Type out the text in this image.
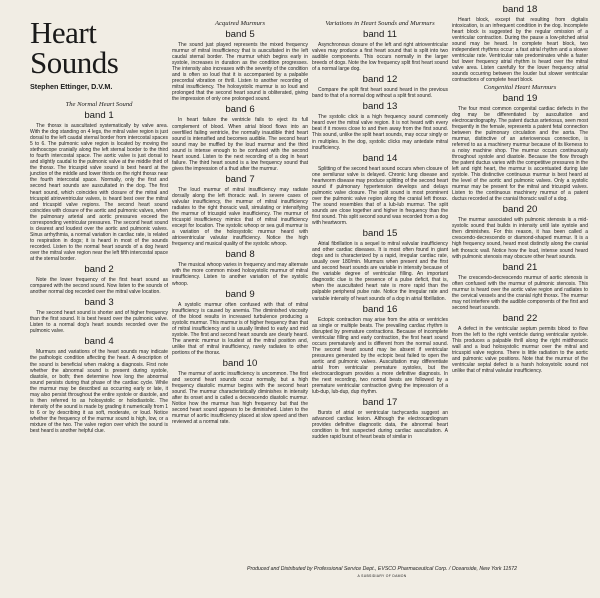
Heart
Sounds
Stephen Ettinger, D.V.M.
The Normal Heart Sound
band 1

The thorax is auscultated systematically by valve area. With the dog standing on 4 legs, the mitral valve region is just dorsal to the left caudal sternal border from intercostal spaces 5 to 6. The pulmonic valve region is located by moving the stethoscope cranially along the left sternal border to the third to fourth intercostal space. The aortic valve is just dorsal to and slightly caudal to the pulmonic valve at the middle third of the thorax. The tricuspid valve sound is best heard at the junction of the middle and lower thirds on the right thorax near the fourth intercostal space. Normally, only the first and second heart sounds are auscultated in the dog. The first heart sound, which coincides with closure of the mitral and tricuspid atrioventricular valves, is heard best over the mitral and tricuspid valve regions. The second heart sound coincides with closure of the aortic and pulmonic valves, when the pulmonary arterial and aortic pressures exceed the corresponding ventricular pressures. The second heart sound is clearest and loudest over the aortic and pulmonic valves. Sinus arrhythmia, a normal variation in cardiac rate, is related to respiration in dogs; it is heard in most of the sounds recorded. Listen to the normal heart sounds of a dog heard over the mitral valve region near the left fifth intercostal space at the sternal border.

band 2

Note the lower frequency of the first heart sound as compared with the second sound. Now listen to the sounds of another normal dog recorded over the mitral valve location.

band 3

The second heart sound is shorter and of higher frequency than the first sound. It is best heard over the pulmonic valve. Listen to a normal dog's heart sounds recorded over the pulmonic valve.

band 4

Murmurs and variations of the heart sounds may indicate the pathologic condition affecting the heart. A description of the sound is beneficial when making a diagnosis. First note whether the abnormal sound is present during systole, diastole, or both; then determine how long the abnormal sound persists during that phase of the cardiac cycle. While the murmur may be described as occurring early or late, it may also persist throughout the entire systole or diastole, and is then referred to as holosystolic or holodiastolic. The intensity of the sound is made by grading it numerically from 1 to 6 or by describing it as soft, moderate, or loud. Notice whether the frequency of the murmur sound is high, low, or a mixture of the two. The valve region over which the sound is best heard is another helpful clue.

Acquired Murmurs
band 5

The sound just played represents the mixed frequency murmur of mitral insufficiency that is auscultated in the left caudal sternal border. The murmur which begins early in systole, increases in duration as the condition progresses. The intensity also increases with the severity of the condition and is often so loud that it is accompanied by a palpable precordial vibration or thrill. Listen to another recording of mitral insufficiency. The holosystolic murmur is so loud and prolonged that the second heart sound is obliterated, giving the impression of only one prolonged sound.

band 6

In heart failure the ventricle fails to eject its full complement of blood. When atrial blood flows into an overfilled failing ventricle, the normally inaudible third heart sound is intensified and becomes audible. The second heart sound may be muffled by the loud murmur and the third sound is intense enough to be confused with the second heart sound. Listen to the next recording of a dog in heart failure. The third heart sound is a low frequency sound that gives the impression of a thud after the murmur.

band 7

The loud murmur of mitral insufficiency may radiate dorsally along the left thoracic wall. In severe cases of valvular insufficiency, the murmur of mitral insufficiency radiates to the right thoracic wall, simulating or intensifying the murmur of tricuspid valve insufficiency. The murmur of tricuspid insufficiency mimics that of mitral insufficiency except for location. The systolic whoop or sea gull murmur is a variation of the holosystolic murmur heard with atrioventricular valvular insufficiency. Notice the high frequency and musical quality of the systolic whoop.

band 8

The musical whoop varies in frequency and may alternate with the more common mixed holosystolic murmur of mitral insufficiency. Listen to another variation of the systolic whoop.

band 9

A systolic murmur often confused with that of mitral insufficiency is caused by anemia. The diminished viscosity of the blood results in increased turbulence producing a systolic murmur. This murmur is of higher frequency than that of mitral insufficiency and is usually limited to early and mid systole. The first and second heart sounds are clearly heard. The anemic murmur is loudest at the mitral position and, unlike that of mitral insufficiency, rarely radiates to other portions of the thorax.

band 10

The murmur of aortic insufficiency is uncommon. The first and second heart sounds occur normally, but a high frequency diastolic murmur begins with the second heart sound. The murmur characteristically diminishes in intensity after its onset and is called a decrescendo diastolic murmur. Notice how the murmur has high frequency but that the second heart sound appears to be diminished. Listen to the murmur of aortic insufficiency placed at slow speed and then reviewed at a normal rate.

Variations in Heart Sounds and Murmurs
band 11

Asynchronous closure of the left and right atrioventricular valves may produce a first heart sound that is split into two audible components. This occurs normally in the larger breeds of dogs. Note the low frequency split first heart sound of a normal large dog.

band 12

Compare the split first heart sound heard in the previous band to that of a normal dog without a split first sound.

band 13

The systolic click is a high frequency sound commonly heard over the mitral valve region. It is not heard with every beat if it moves close to and then away from the first sound. This sound, unlike the split heart sounds, may occur singly or in multiples. In the dog, systolic clicks may antedate mitral insufficiency.

band 14

Splitting of the second heart sound occurs when closure of one semilunar valve is delayed. Chronic lung disease and heartworm disease may produce splitting of the second heart sound if pulmonary hypertension develops and delays pulmonic valve closure. The split sound is most prominent over the pulmonic valve region along the cranial left thorax. The sound resembles that of a lub-lub murmur. The split sounds are close together and higher in frequency than the first sound. This split second sound was recorded from a dog with heartworm.

band 15

Atrial fibrillation is a sequel to mitral valvular insufficiency and other cardiac diseases. It is most often found in giant dogs and is characterized by a rapid, irregular cardiac rate, usually over 180/min. Murmurs when present and the first and second heart sounds are variable in intensity because of the variable degree of ventricular filling. An important diagnostic clue is the presence of a pulse deficit, that is, when the auscultated heart rate is more rapid than the palpable peripheral pulse rate. Notice the irregular rate and variable intensity of heart sounds of a dog in atrial fibrillation.

band 16

Ectopic contraction may arise from the atria or ventricles as single or multiple beats. The prevailing cardiac rhythm is disrupted by premature contractions. Because of incomplete ventricular filling and early contraction, the first heart sound occurs prematurely and is different from the normal sound. The second heart sound may be absent if ventricular pressures generated by the ectopic beat failed to open the aortic and pulmonic valves. Auscultation may differentiate atrial from ventricular premature systoles, but the electrocardiogram provides a more definitive diagnosis. In the next recording, two normal beats are followed by a premature ventricular contraction giving the impression of a lub-dup, lub-dup, dup rhythm.

band 17

Bursts of atrial or ventricular tachycardia suggest an advanced cardiac lesion. Although the electrocardiogram provides definitive diagnostic data, the abnormal heart condition is first suspected during cardiac auscultation. A sudden rapid burst of heart beats of similar in

band 18

Heart block, except that resulting from digitalis intoxication, is an infrequent condition in the dog. Incomplete heart block is suggested by the regular omission of a ventricular contraction. During the pause a low-pitched atrial sound may be heard. In complete heart block, two independent rhythms occur: a fast atrial rhythm and a slower ventricular rate. Ventricular rate predominates while a faster but lower frequency atrial rhythm is heard over the mitral valve area. Listen carefully for the lower frequency atrial sounds occurring between the louder but slower ventricular contractions of complete heart block.

Congenital Heart Murmurs
band 19

The four most common congenital cardiac defects in the dog may be differentiated by auscultation and electrocardiography. The patent ductus arteriosus, seen most frequently in the female, represents a patent fetal connection between the pulmonary circulation and the aorta. The murmur, distinctive of an arteriovenous connection, is referred to as a machinery murmur because of its likeness to a noisy machine shop. The murmur occurs continuously throughout systole and diastole. Because the flow through the patent ductus varies with the competitive pressures in the left and right heart, the murmur is accentuated during late systole. This distinctive continuous murmur is best heard at the level of the aortic and pulmonic valves. Only a systolic murmur may be present for the mitral and tricuspid valves. Listen to the continuous machinery murmur of a patent ductus recorded at the cranial thoracic wall of a dog.

band 20

The murmur associated with pulmonic stenosis is a mid-systolic sound that builds in intensity until late systole and then diminishes. For this reason, it has been called a crescendo-decrescendo or diamond-shaped murmur. It is a high frequency sound, heard most distinctly along the cranial left thoracic wall. Notice how the loud, intense sound heard with pulmonic stenosis may obscure other heart sounds.

band 21

The crescendo-decrescendo murmur of aortic stenosis is often confused with the murmur of pulmonic stenosis. This murmur is heard over the aortic valve region and radiates to the cervical vessels and the cranial right thorax. The murmur may not interfere with the audible components of the first and second heart sounds.

band 22

A defect in the ventricular septum permits blood to flow from the left to the right ventricle during ventricular systole. This produces a palpable thrill along the right midthoracic wall and a loud holosystolic murmur over the mitral and tricuspid valve regions. There is little radiation to the aortic and pulmonic valve positions. Note that the murmur of the ventricular septal defect is a harsh holosystolic sound not unlike that of mitral valvular insufficiency.

Produced and Distributed by Professional Service Dept., EVSCO Pharmaceutical Corp. / Oceanside, New York 11572
A SUBSIDIARY OF DAMON
